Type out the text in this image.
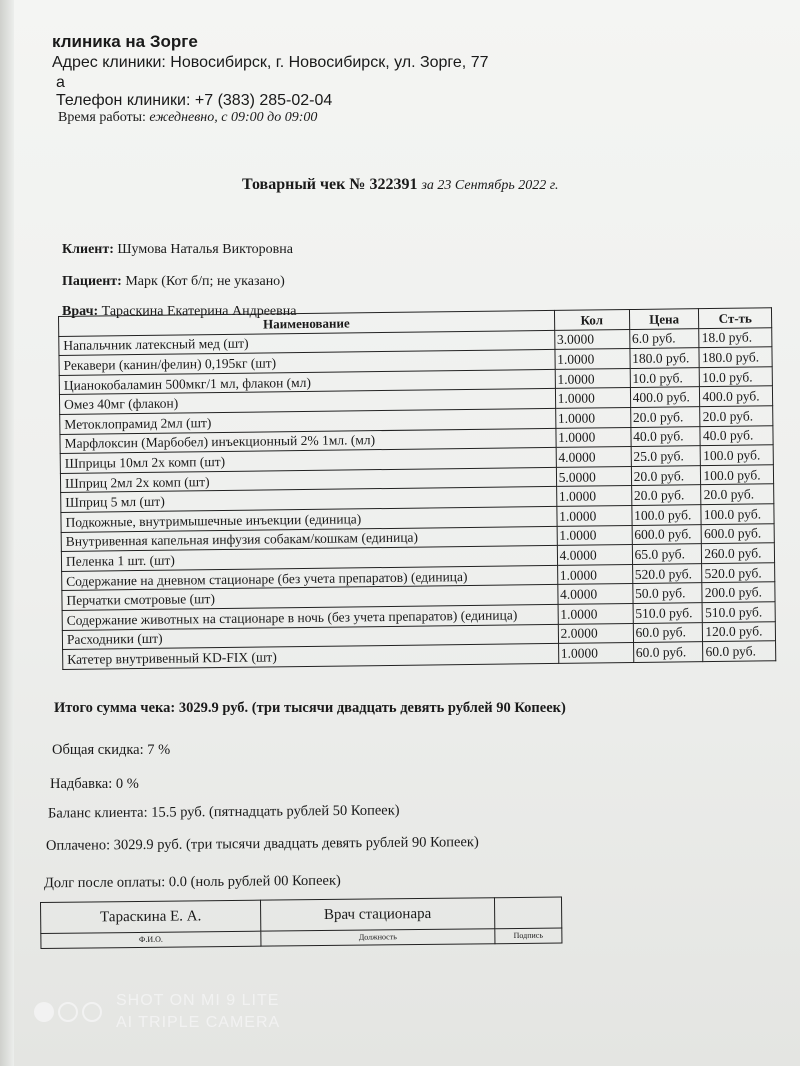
клиника на Зорге
Адрес клиники: Новосибирск, г. Новосибирск, ул. Зорге, 77
а
Телефон клиники: +7 (383) 285-02-04
Время работы: ежедневно, с 09:00 до 09:00
Товарный чек № 322391 за 23 Сентябрь 2022 г.
Клиент: Шумова Наталья Викторовна
Пациент: Марк (Кот б/п; не указано)
Врач: Тараскина Екатерина Андреевна
Наименование	Кол	Цена	Ст-ть
Напальчник латексный мед (шт)	3.0000	6.0 руб.	18.0 руб.
Рекавери (канин/фелин) 0,195кг (шт)	1.0000	180.0 руб.	180.0 руб.
Цианокобаламин 500мкг/1 мл, флакон (мл)	1.0000	10.0 руб.	10.0 руб.
Омез 40мг (флакон)	1.0000	400.0 руб.	400.0 руб.
Метоклопрамид 2мл (шт)	1.0000	20.0 руб.	20.0 руб.
Марфлоксин (Марбобел) инъекционный 2% 1мл. (мл)	1.0000	40.0 руб.	40.0 руб.
Шприцы 10мл 2х комп (шт)	4.0000	25.0 руб.	100.0 руб.
Шприц 2мл 2х комп (шт)	5.0000	20.0 руб.	100.0 руб.
Шприц 5 мл (шт)	1.0000	20.0 руб.	20.0 руб.
Подкожные, внутримышечные инъекции (единица)	1.0000	100.0 руб.	100.0 руб.
Внутривенная капельная инфузия собакам/кошкам (единица)	1.0000	600.0 руб.	600.0 руб.
Пеленка 1 шт. (шт)	4.0000	65.0 руб.	260.0 руб.
Содержание на дневном стационаре (без учета препаратов) (единица)	1.0000	520.0 руб.	520.0 руб.
Перчатки смотровые (шт)	4.0000	50.0 руб.	200.0 руб.
Содержание животных на стационаре в ночь (без учета препаратов) (единица)	1.0000	510.0 руб.	510.0 руб.
Расходники (шт)	2.0000	60.0 руб.	120.0 руб.
Катетер внутривенный KD-FIX (шт)	1.0000	60.0 руб.	60.0 руб.
Итого сумма чека: 3029.9 руб. (три тысячи двадцать девять рублей 90 Копеек)
Общая скидка: 7 %
Надбавка: 0 %
Баланс клиента: 15.5 руб. (пятнадцать рублей 50 Копеек)
Оплачено: 3029.9 руб. (три тысячи двадцать девять рублей 90 Копеек)
Долг после оплаты: 0.0 (ноль рублей 00 Копеек)
Тараскина Е. А.	Врач стационара	
Ф.И.О.	Должность	Подпись
SHOT ON MI 9 LITE
AI TRIPLE CAMERA
